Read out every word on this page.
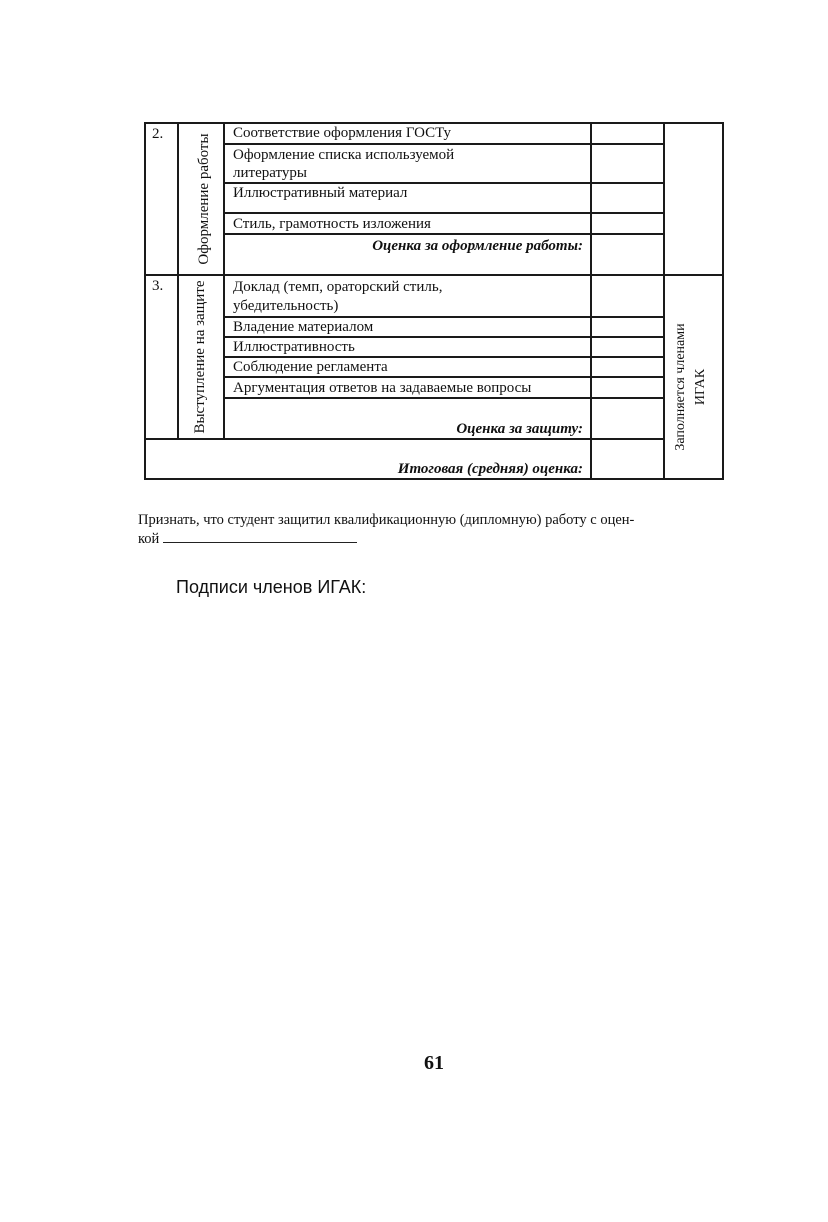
2. Оформление работы
Соответствие оформления ГОСТу
Оформление списка используемой
литературы
Иллюстративный материал
Стиль, грамотность изложения
Оценка за оформление работы:
3. Выступление на защите Доклад (темп, ораторский стиль,
убедительность)
Владение материалом
Иллюстративность
Соблюдение регламента
Аргументация ответов на задаваемые вопросы
Оценка за защиту:
Итоговая (средняя) оценка:
Заполняется членами ИГАК
Признать, что студент защитил квалификационную (дипломную) работу с оцен-
кой
Подписи членов ИГАК:
61
